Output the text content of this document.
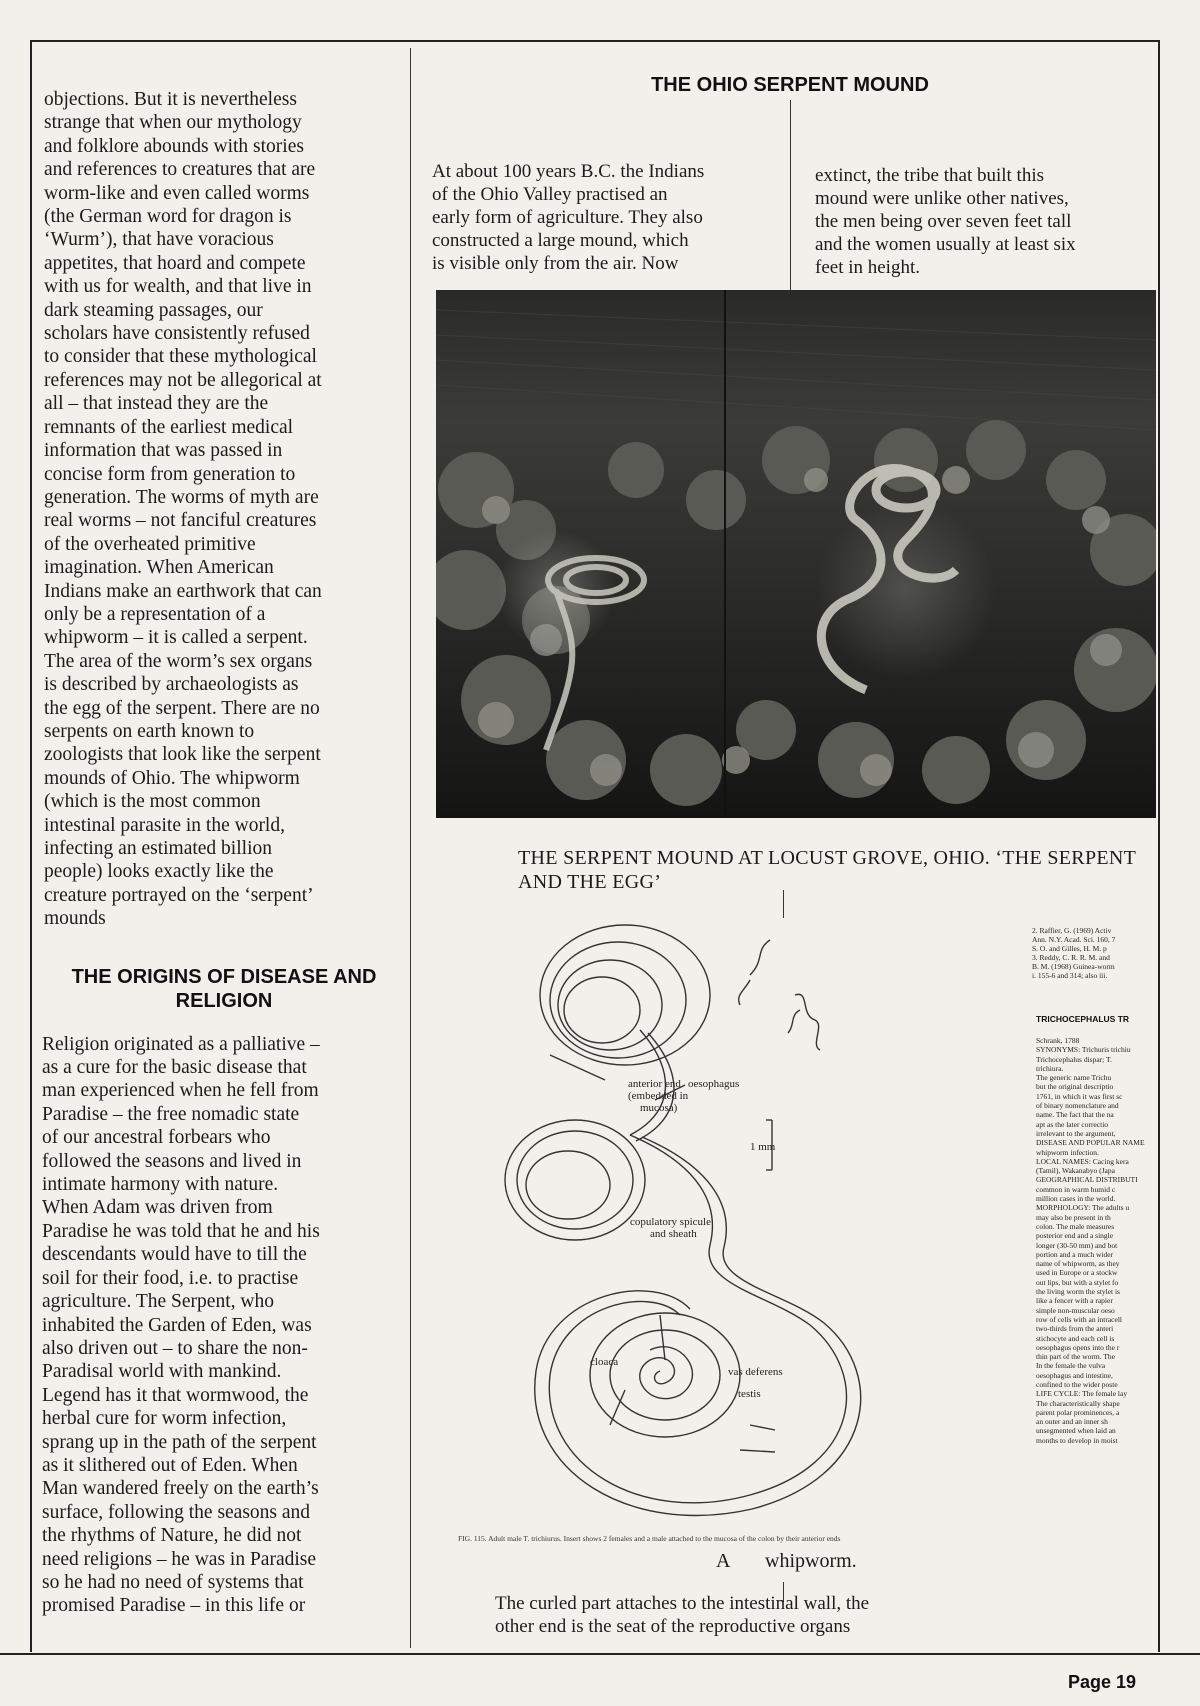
objections. But it is nevertheless
strange that when our mythology
and folklore abounds with stories
and references to creatures that are
worm-like and even called worms
(the German word for dragon is
‘Wurm’), that have voracious
appetites, that hoard and compete
with us for wealth, and that live in
dark steaming passages, our
scholars have consistently refused
to consider that these mythological
references may not be allegorical at
all – that instead they are the
remnants of the earliest medical
information that was passed in
concise form from generation to
generation. The worms of myth are
real worms – not fanciful creatures
of the overheated primitive
imagination. When American
Indians make an earthwork that can
only be a representation of a
whipworm – it is called a serpent.
The area of the worm’s sex organs
is described by archaeologists as
the egg of the serpent. There are no
serpents on earth known to
zoologists that look like the serpent
mounds of Ohio. The whipworm
(which is the most common
intestinal parasite in the world,
infecting an estimated billion
people) looks exactly like the
creature portrayed on the ‘serpent’
mounds

THE ORIGINS OF DISEASE AND RELIGION

Religion originated as a palliative –
as a cure for the basic disease that
man experienced when he fell from
Paradise – the free nomadic state
of our ancestral forbears who
followed the seasons and lived in
intimate harmony with nature.
When Adam was driven from
Paradise he was told that he and his
descendants would have to till the
soil for their food, i.e. to practise
agriculture. The Serpent, who
inhabited the Garden of Eden, was
also driven out – to share the non-
Paradisal world with mankind.
Legend has it that wormwood, the
herbal cure for worm infection,
sprang up in the path of the serpent
as it slithered out of Eden. When
Man wandered freely on the earth’s
surface, following the seasons and
the rhythms of Nature, he did not
need religions – he was in Paradise
so he had no need of systems that
promised Paradise – in this life or

THE OHIO SERPENT MOUND

At about 100 years B.C. the Indians
of the Ohio Valley practised an
early form of agriculture. They also
constructed a large mound, which
is visible only from the air. Now

extinct, the tribe that built this
mound were unlike other natives,
the men being over seven feet tall
and the women usually at least six
feet in height.

THE SERPENT MOUND AT LOCUST GROVE, OHIO. ‘THE SERPENT AND THE EGG’

anterior end
(embedded in
mucosa)
oesophagus
1 mm
copulatory spicule
and sheath
cloaca
vas deferens
testis

FIG. 115. Adult male T. trichiurus. Insert shows 2 females and a male attached to the mucosa of the colon by their anterior ends

A whipworm.

The curled part attaches to the intestinal wall, the
other end is the seat of the reproductive organs

2. Raffier, G. (1969) Activ
Ann. N.Y. Acad. Sci. 160, 7
S. O. and Gilles, H. M. p
3. Reddy, C. R. R. M. and
B. M. (1968) Guinea-worm
i. 155-6 and 314; also iii.

TRICHOCEPHALUS TR

Schrank, 1788
SYNONYMS: Trichuris trichiu
Trichocephalus dispar; T.
trichiura.
The generic name Trichu
but the original descriptio
1761, in which it was first sc
of binary nomenclature and
name. The fact that the na
apt as the later correctio
irrelevant to the argument,
DISEASE AND POPULAR NAME
whipworm infection.
LOCAL NAMES: Cacing kera
(Tamil), Wakanabyo (Japa
GEOGRAPHICAL DISTRIBUTI
common in warm humid c
million cases in the world.
MORPHOLOGY: The adults u
may also be present in th
colon. The male measures
posterior end and a single
longer (30-50 mm) and bot
portion and a much wider
name of whipworm, as they
used in Europe or a stockw
out lips, but with a stylet fo
the living worm the stylet is
like a fencer with a rapier
simple non-muscular oeso
row of cells with an intracell
two-thirds from the anteri
stichocyte and each cell is
oesophagus opens into the r
thin part of the worm. The
In the female the vulva
oesophagus and intestine,
confined to the wider poste
LIFE CYCLE: The female lay
The characteristically shape
parent polar prominences, a
an outer and an inner sh
unsegmented when laid an
months to develop in moist

Page 19
